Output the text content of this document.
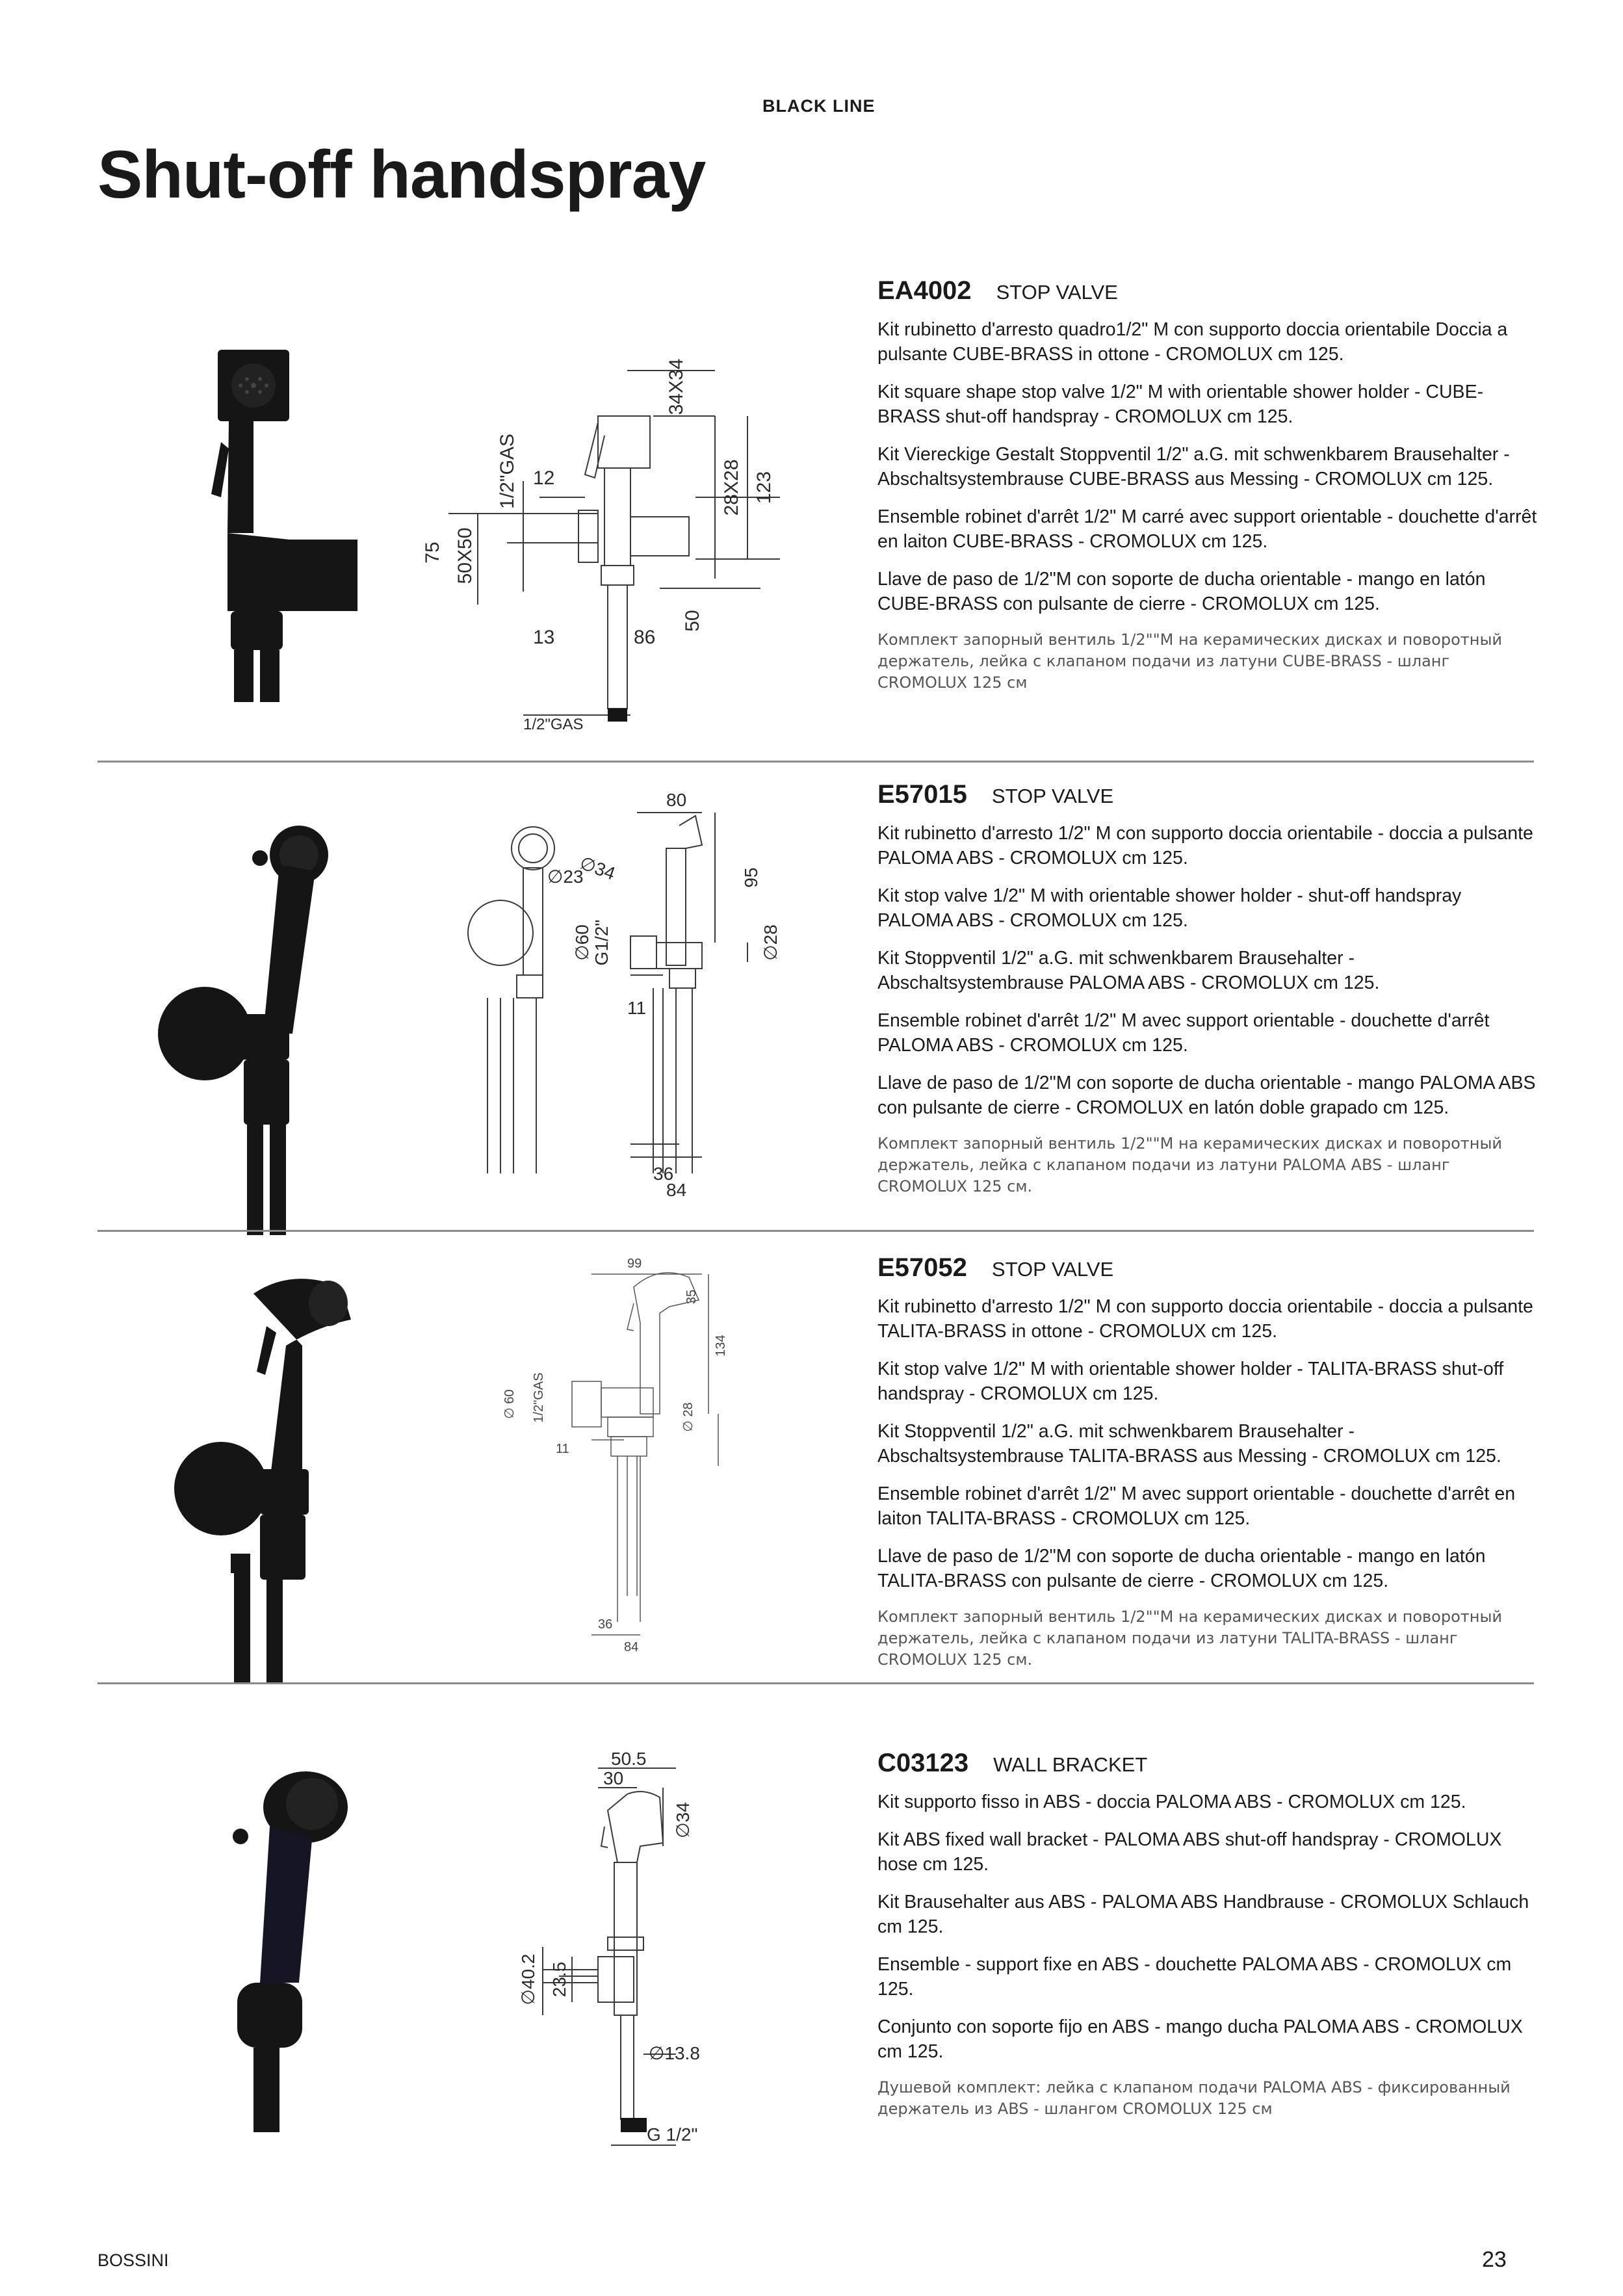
BLACK LINE
Shut-off handspray
34X34
1/2"GAS 12	28X28 123
75 50X50
50
13	86
1/2"GAS
EA4002 STOP VALVE

Kit rubinetto d'arresto quadro1/2" M con supporto doccia orientabile Doccia a pulsante CUBE-BRASS in ottone - CROMOLUX cm 125.

Kit square shape stop valve 1/2" M with orientable shower holder - CUBE-BRASS shut-off handspray - CROMOLUX cm 125.

Kit Viereckige Gestalt Stoppventil 1/2" a.G. mit schwenkbarem Brausehalter - Abschaltsystembrause CUBE-BRASS aus Messing - CROMOLUX cm 125.

Ensemble robinet d'arrêt 1/2" M carré avec support orientable - douchette d'arrêt en laiton CUBE-BRASS - CROMOLUX cm 125.

Llave de paso de 1/2"M con soporte de ducha orientable - mango en latón CUBE-BRASS con pulsante de cierre - CROMOLUX cm 125.

Комплект запорный вентиль 1/2""М на керамических дисках и поворотный держатель, лейка с клапаном подачи из латуни CUBE-BRASS - шланг CROMOLUX 125 см

80
∅34
∅23	95
∅60 G1/2"	∅28
11
36
84
E57015 STOP VALVE

Kit rubinetto d'arresto 1/2" M con supporto doccia orientabile - doccia a pulsante PALOMA ABS - CROMOLUX cm 125.

Kit stop valve 1/2" M with orientable shower holder - shut-off handspray PALOMA ABS - CROMOLUX cm 125.

Kit Stoppventil 1/2" a.G. mit schwenkbarem Brausehalter - Abschaltsystembrause PALOMA ABS - CROMOLUX cm 125.

Ensemble robinet d'arrêt 1/2" M avec support orientable - douchette d'arrêt PALOMA ABS - CROMOLUX cm 125.

Llave de paso de 1/2"M con soporte de ducha orientable - mango PALOMA ABS con pulsante de cierre - CROMOLUX en latón doble grapado cm 125.

Комплект запорный вентиль 1/2""М на керамических дисках и поворотный держатель, лейка с клапаном подачи из латуни PALOMA ABS - шланг CROMOLUX 125 см.

99
35
134
∅ 60 1/2"GAS	∅ 28
11
36
84
E57052 STOP VALVE

Kit rubinetto d'arresto 1/2" M con supporto doccia orientabile - doccia a pulsante TALITA-BRASS in ottone - CROMOLUX cm 125.

Kit stop valve 1/2" M with orientable shower holder - TALITA-BRASS shut-off handspray - CROMOLUX cm 125.

Kit Stoppventil 1/2" a.G. mit schwenkbarem Brausehalter - Abschaltsystembrause TALITA-BRASS aus Messing - CROMOLUX cm 125.

Ensemble robinet d'arrêt 1/2" M avec support orientable - douchette d'arrêt en laiton TALITA-BRASS - CROMOLUX cm 125.

Llave de paso de 1/2"M con soporte de ducha orientable - mango en latón TALITA-BRASS con pulsante de cierre - CROMOLUX cm 125.

Комплект запорный вентиль 1/2""М на керамических дисках и поворотный держатель, лейка с клапаном подачи из латуни TALITA-BRASS - шланг CROMOLUX 125 см.

50.5
30
∅34
∅40.2 23.5
∅13.8
G 1/2"
C03123 WALL BRACKET

Kit supporto fisso in ABS - doccia PALOMA ABS - CROMOLUX cm 125.

Kit ABS fixed wall bracket - PALOMA ABS shut-off handspray - CROMOLUX hose cm 125.

Kit Brausehalter aus ABS - PALOMA ABS Handbrause - CROMOLUX Schlauch cm 125.

Ensemble - support fixe en ABS - douchette PALOMA ABS - CROMOLUX cm 125.

Conjunto con soporte fijo en ABS - mango ducha PALOMA ABS - CROMOLUX cm 125.

Душевой комплект: лейка с клапаном подачи PALOMA ABS - фиксированный держатель из ABS - шлангом CROMOLUX 125 см

BOSSINI	23
